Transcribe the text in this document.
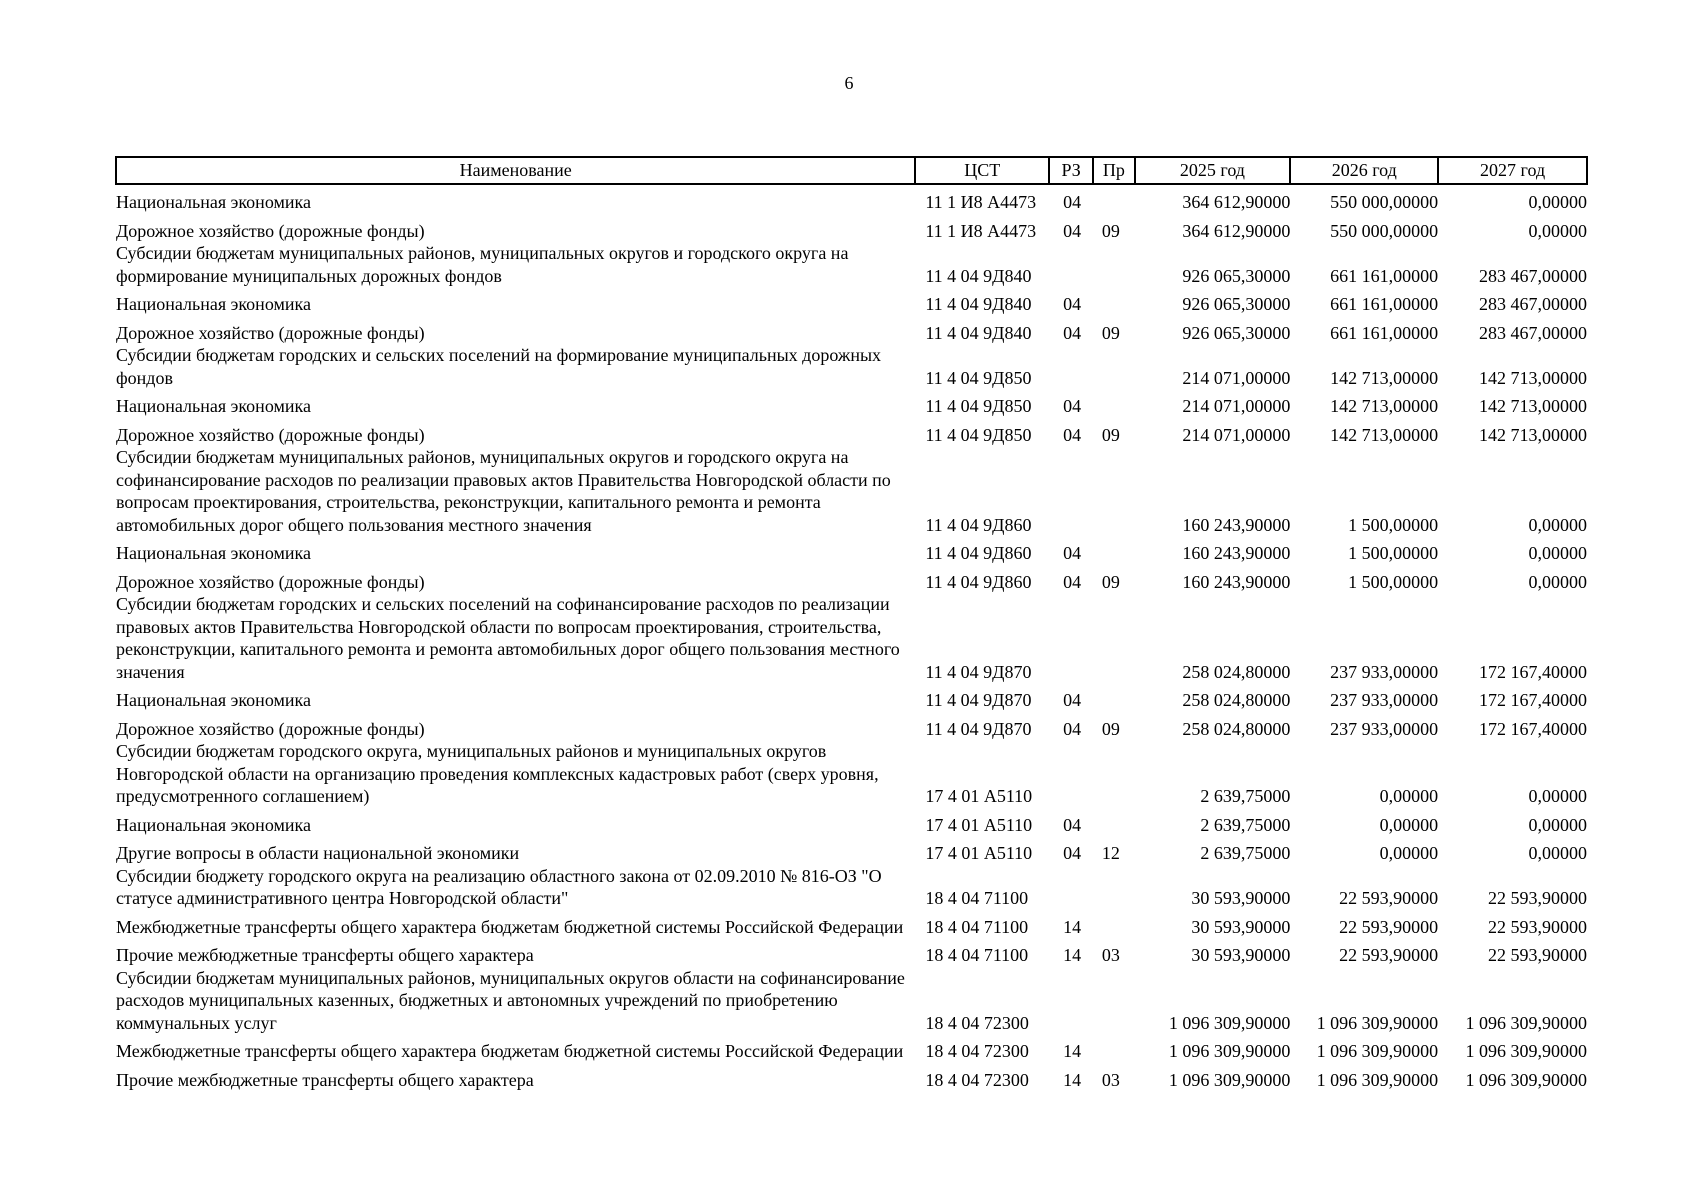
6
Наименование	ЦСТ	РЗ	Пр	2025 год	2026 год	2027 год
Национальная экономика	11 1 И8 А4473	04		364 612,90000	550 000,00000	0,00000
Дорожное хозяйство (дорожные фонды)	11 1 И8 А4473	04	09	364 612,90000	550 000,00000	0,00000
Субсидии бюджетам муниципальных районов, муниципальных округов и городского округа на формирование муниципальных дорожных фондов	11 4 04 9Д840			926 065,30000	661 161,00000	283 467,00000
Национальная экономика	11 4 04 9Д840	04		926 065,30000	661 161,00000	283 467,00000
Дорожное хозяйство (дорожные фонды)	11 4 04 9Д840	04	09	926 065,30000	661 161,00000	283 467,00000
Субсидии бюджетам городских и сельских поселений на формирование муниципальных дорожных фондов	11 4 04 9Д850			214 071,00000	142 713,00000	142 713,00000
Национальная экономика	11 4 04 9Д850	04		214 071,00000	142 713,00000	142 713,00000
Дорожное хозяйство (дорожные фонды)	11 4 04 9Д850	04	09	214 071,00000	142 713,00000	142 713,00000
Субсидии бюджетам муниципальных районов, муниципальных округов и городского округа на софинансирование расходов по реализации правовых актов Правительства Новгородской области по вопросам проектирования, строительства, реконструкции, капитального ремонта и ремонта автомобильных дорог общего пользования местного значения	11 4 04 9Д860			160 243,90000	1 500,00000	0,00000
Национальная экономика	11 4 04 9Д860	04		160 243,90000	1 500,00000	0,00000
Дорожное хозяйство (дорожные фонды)	11 4 04 9Д860	04	09	160 243,90000	1 500,00000	0,00000
Субсидии бюджетам городских и сельских поселений на софинансирование расходов по реализации правовых актов Правительства Новгородской области по вопросам проектирования, строительства, реконструкции, капитального ремонта и ремонта автомобильных дорог общего пользования местного значения	11 4 04 9Д870			258 024,80000	237 933,00000	172 167,40000
Национальная экономика	11 4 04 9Д870	04		258 024,80000	237 933,00000	172 167,40000
Дорожное хозяйство (дорожные фонды)	11 4 04 9Д870	04	09	258 024,80000	237 933,00000	172 167,40000
Субсидии бюджетам городского округа, муниципальных районов и муниципальных округов Новгородской области на организацию проведения комплексных кадастровых работ (сверх уровня, предусмотренного соглашением)	17 4 01 А5110			2 639,75000	0,00000	0,00000
Национальная экономика	17 4 01 А5110	04		2 639,75000	0,00000	0,00000
Другие вопросы в области национальной экономики	17 4 01 А5110	04	12	2 639,75000	0,00000	0,00000
Субсидии бюджету городского округа на реализацию областного закона от 02.09.2010 № 816-ОЗ "О статусе административного центра Новгородской области"	18 4 04 71100			30 593,90000	22 593,90000	22 593,90000
Межбюджетные трансферты общего характера бюджетам бюджетной системы Российской Федерации	18 4 04 71100	14		30 593,90000	22 593,90000	22 593,90000
Прочие межбюджетные трансферты общего характера	18 4 04 71100	14	03	30 593,90000	22 593,90000	22 593,90000
Субсидии бюджетам муниципальных районов, муниципальных округов области на софинансирование расходов муниципальных казенных, бюджетных и автономных учреждений по приобретению коммунальных услуг	18 4 04 72300			1 096 309,90000	1 096 309,90000	1 096 309,90000
Межбюджетные трансферты общего характера бюджетам бюджетной системы Российской Федерации	18 4 04 72300	14		1 096 309,90000	1 096 309,90000	1 096 309,90000
Прочие межбюджетные трансферты общего характера	18 4 04 72300	14	03	1 096 309,90000	1 096 309,90000	1 096 309,90000
